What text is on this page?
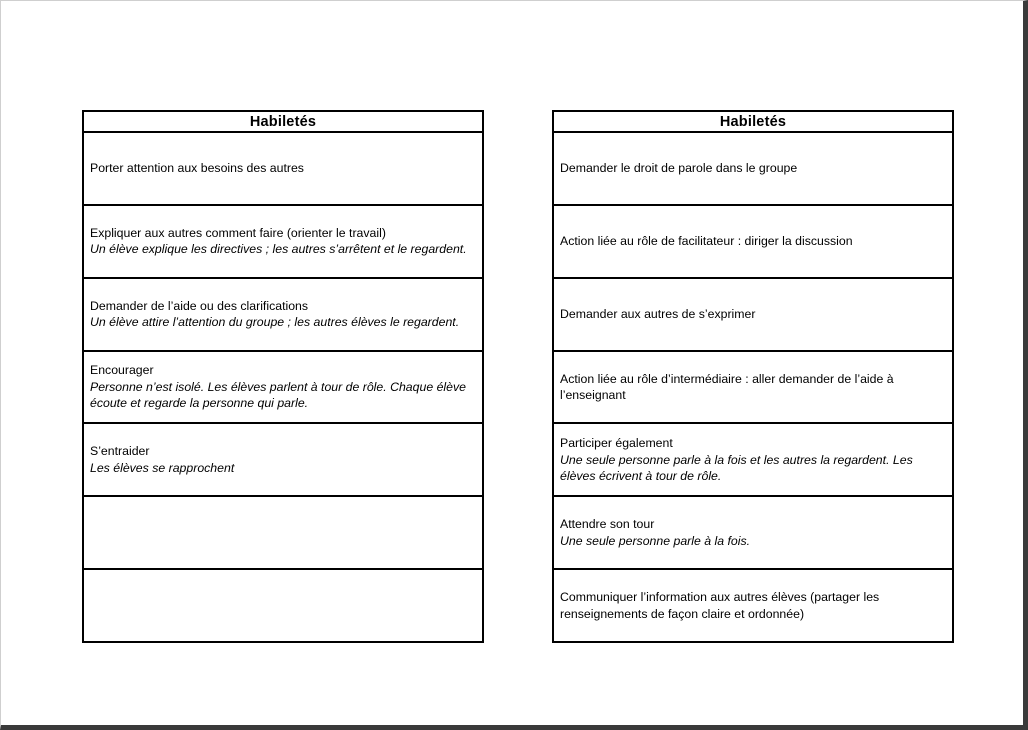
Habiletés
Porter attention aux besoins des autres
Expliquer aux autres comment faire (orienter le travail)
Un élève explique les directives ; les autres s’arrêtent et le regardent.
Demander de l’aide ou des clarifications
Un élève attire l’attention du groupe ; les autres élèves le regardent.
Encourager
Personne n’est isolé. Les élèves parlent à tour de rôle. Chaque élève écoute et regarde la personne qui parle.
S’entraider
Les élèves se rapprochent
Habiletés
Demander le droit de parole dans le groupe
Action liée au rôle de facilitateur : diriger la discussion
Demander aux autres de s’exprimer
Action liée au rôle d’intermédiaire : aller demander de l’aide à l’enseignant
Participer également
Une seule personne parle à la fois et les autres la regardent. Les élèves écrivent à tour de rôle.
Attendre son tour
Une seule personne parle à la fois.
Communiquer l’information aux autres élèves (partager les renseignements de façon claire et ordonnée)
